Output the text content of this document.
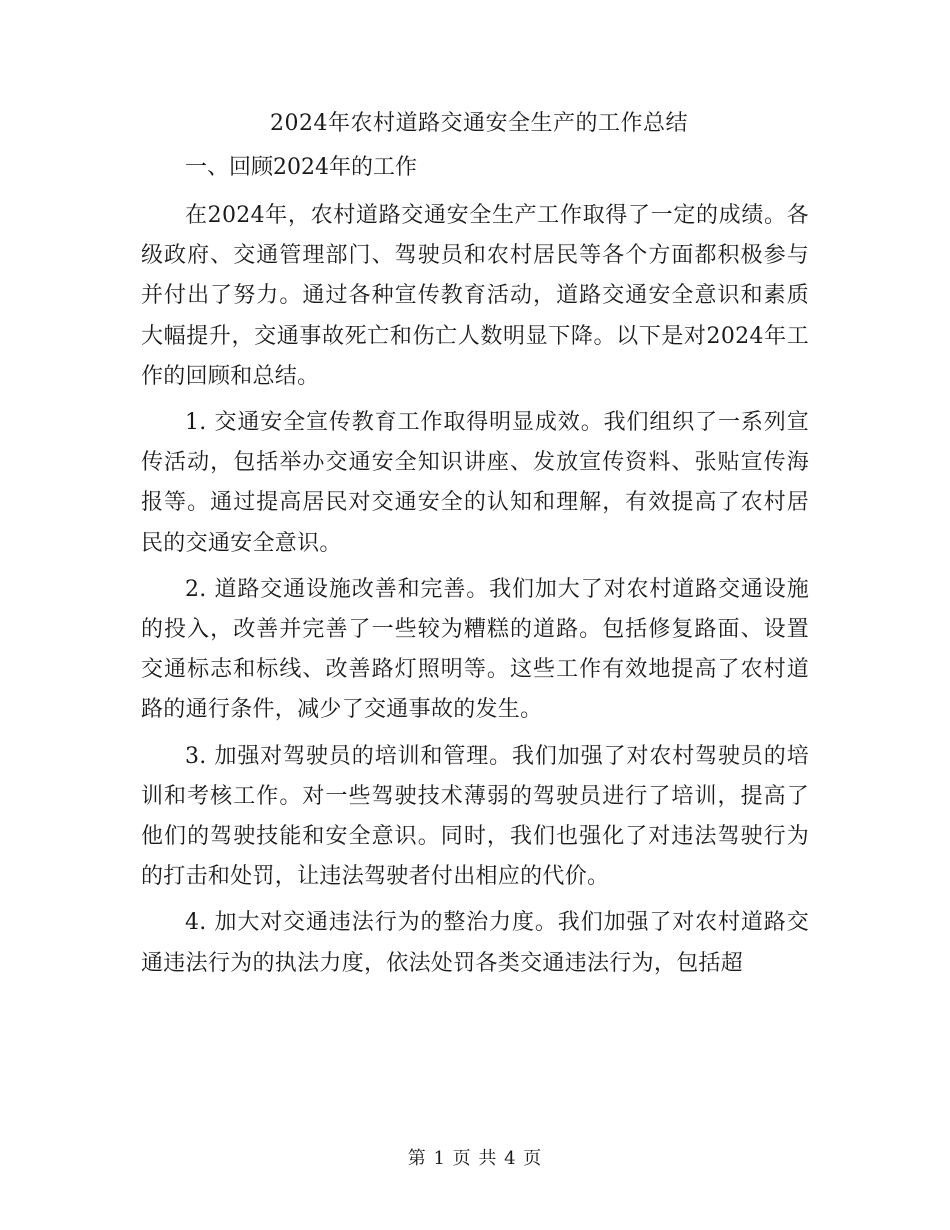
2024年农村道路交通安全生产的工作总结

一、回顾2024年的工作

在2024年，农村道路交通安全生产工作取得了一定的成绩。各级政府、交通管理部门、驾驶员和农村居民等各个方面都积极参与并付出了努力。通过各种宣传教育活动，道路交通安全意识和素质大幅提升，交通事故死亡和伤亡人数明显下降。以下是对2024年工作的回顾和总结。

1. 交通安全宣传教育工作取得明显成效。我们组织了一系列宣传活动，包括举办交通安全知识讲座、发放宣传资料、张贴宣传海报等。通过提高居民对交通安全的认知和理解，有效提高了农村居民的交通安全意识。

2. 道路交通设施改善和完善。我们加大了对农村道路交通设施的投入，改善并完善了一些较为糟糕的道路。包括修复路面、设置交通标志和标线、改善路灯照明等。这些工作有效地提高了农村道路的通行条件，减少了交通事故的发生。

3. 加强对驾驶员的培训和管理。我们加强了对农村驾驶员的培训和考核工作。对一些驾驶技术薄弱的驾驶员进行了培训，提高了他们的驾驶技能和安全意识。同时，我们也强化了对违法驾驶行为的打击和处罚，让违法驾驶者付出相应的代价。

4. 加大对交通违法行为的整治力度。我们加强了对农村道路交通违法行为的执法力度，依法处罚各类交通违法行为，包括超

第 1 页 共 4 页
